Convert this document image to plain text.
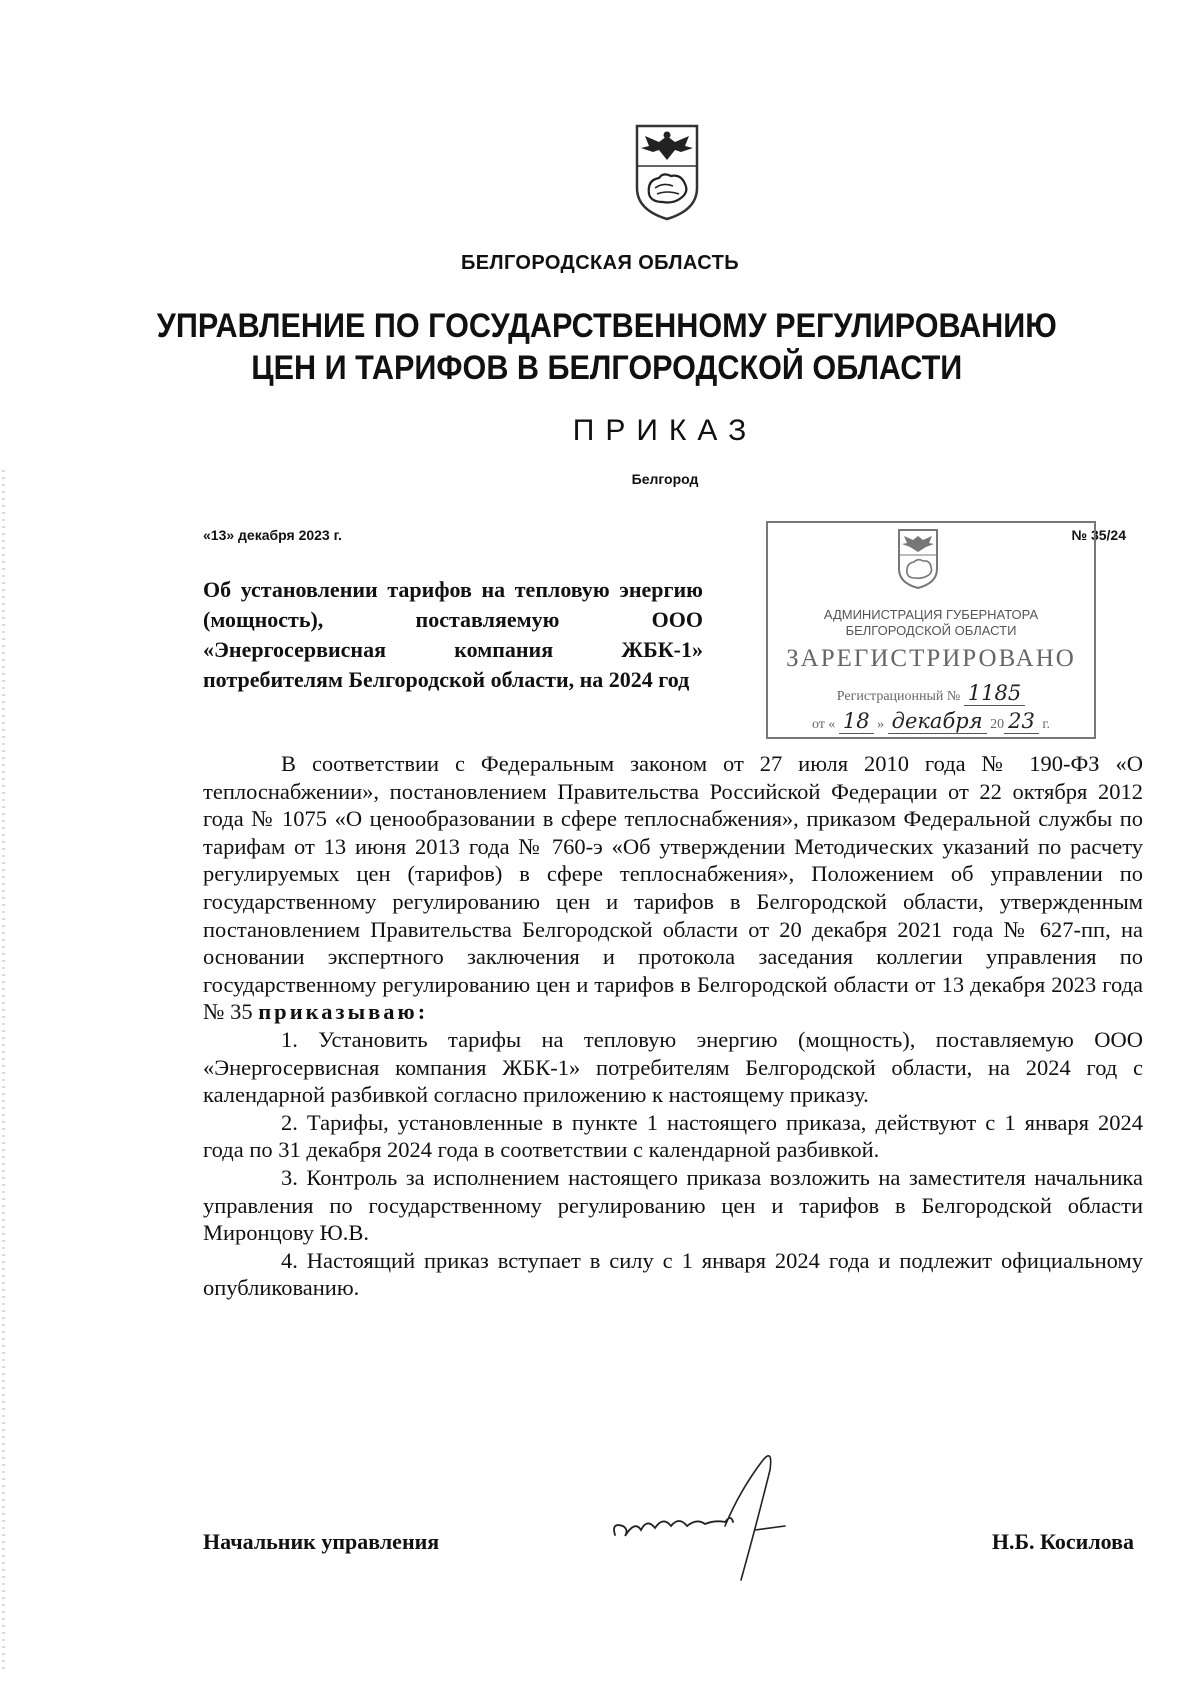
БЕЛГОРОДСКАЯ ОБЛАСТЬ
УПРАВЛЕНИЕ ПО ГОСУДАРСТВЕННОМУ РЕГУЛИРОВАНИЮ
ЦЕН И ТАРИФОВ В БЕЛГОРОДСКОЙ ОБЛАСТИ
ПРИКАЗ
Белгород
«13» декабря 2023 г.	№ 35/24
АДМИНИСТРАЦИЯ ГУБЕРНАТОРА
БЕЛГОРОДСКОЙ ОБЛАСТИ
ЗАРЕГИСТРИРОВАНО
Регистрационный № 1185
от « 18 » декабря 20 23 г.
Об установлении тарифов на тепловую энергию (мощность), поставляемую ООО «Энергосервисная компания ЖБК-1» потребителям Белгородской области, на 2024 год

В соответствии с Федеральным законом от 27 июля 2010 года № 190-ФЗ «О теплоснабжении», постановлением Правительства Российской Федерации от 22 октября 2012 года № 1075 «О ценообразовании в сфере теплоснабжения», приказом Федеральной службы по тарифам от 13 июня 2013 года № 760-э «Об утверждении Методических указаний по расчету регулируемых цен (тарифов) в сфере теплоснабжения», Положением об управлении по государственному регулированию цен и тарифов в Белгородской области, утвержденным постановлением Правительства Белгородской области от 20 декабря 2021 года № 627-пп, на основании экспертного заключения и протокола заседания коллегии управления по государственному регулированию цен и тарифов в Белгородской области от 13 декабря 2023 года № 35 приказываю:

1. Установить тарифы на тепловую энергию (мощность), поставляемую ООО «Энергосервисная компания ЖБК-1» потребителям Белгородской области, на 2024 год с календарной разбивкой согласно приложению к настоящему приказу.

2. Тарифы, установленные в пункте 1 настоящего приказа, действуют с 1 января 2024 года по 31 декабря 2024 года в соответствии с календарной разбивкой.

3. Контроль за исполнением настоящего приказа возложить на заместителя начальника управления по государственному регулированию цен и тарифов в Белгородской области Миронцову Ю.В.

4. Настоящий приказ вступает в силу с 1 января 2024 года и подлежит официальному опубликованию.

Начальник управления	Н.Б. Косилова
